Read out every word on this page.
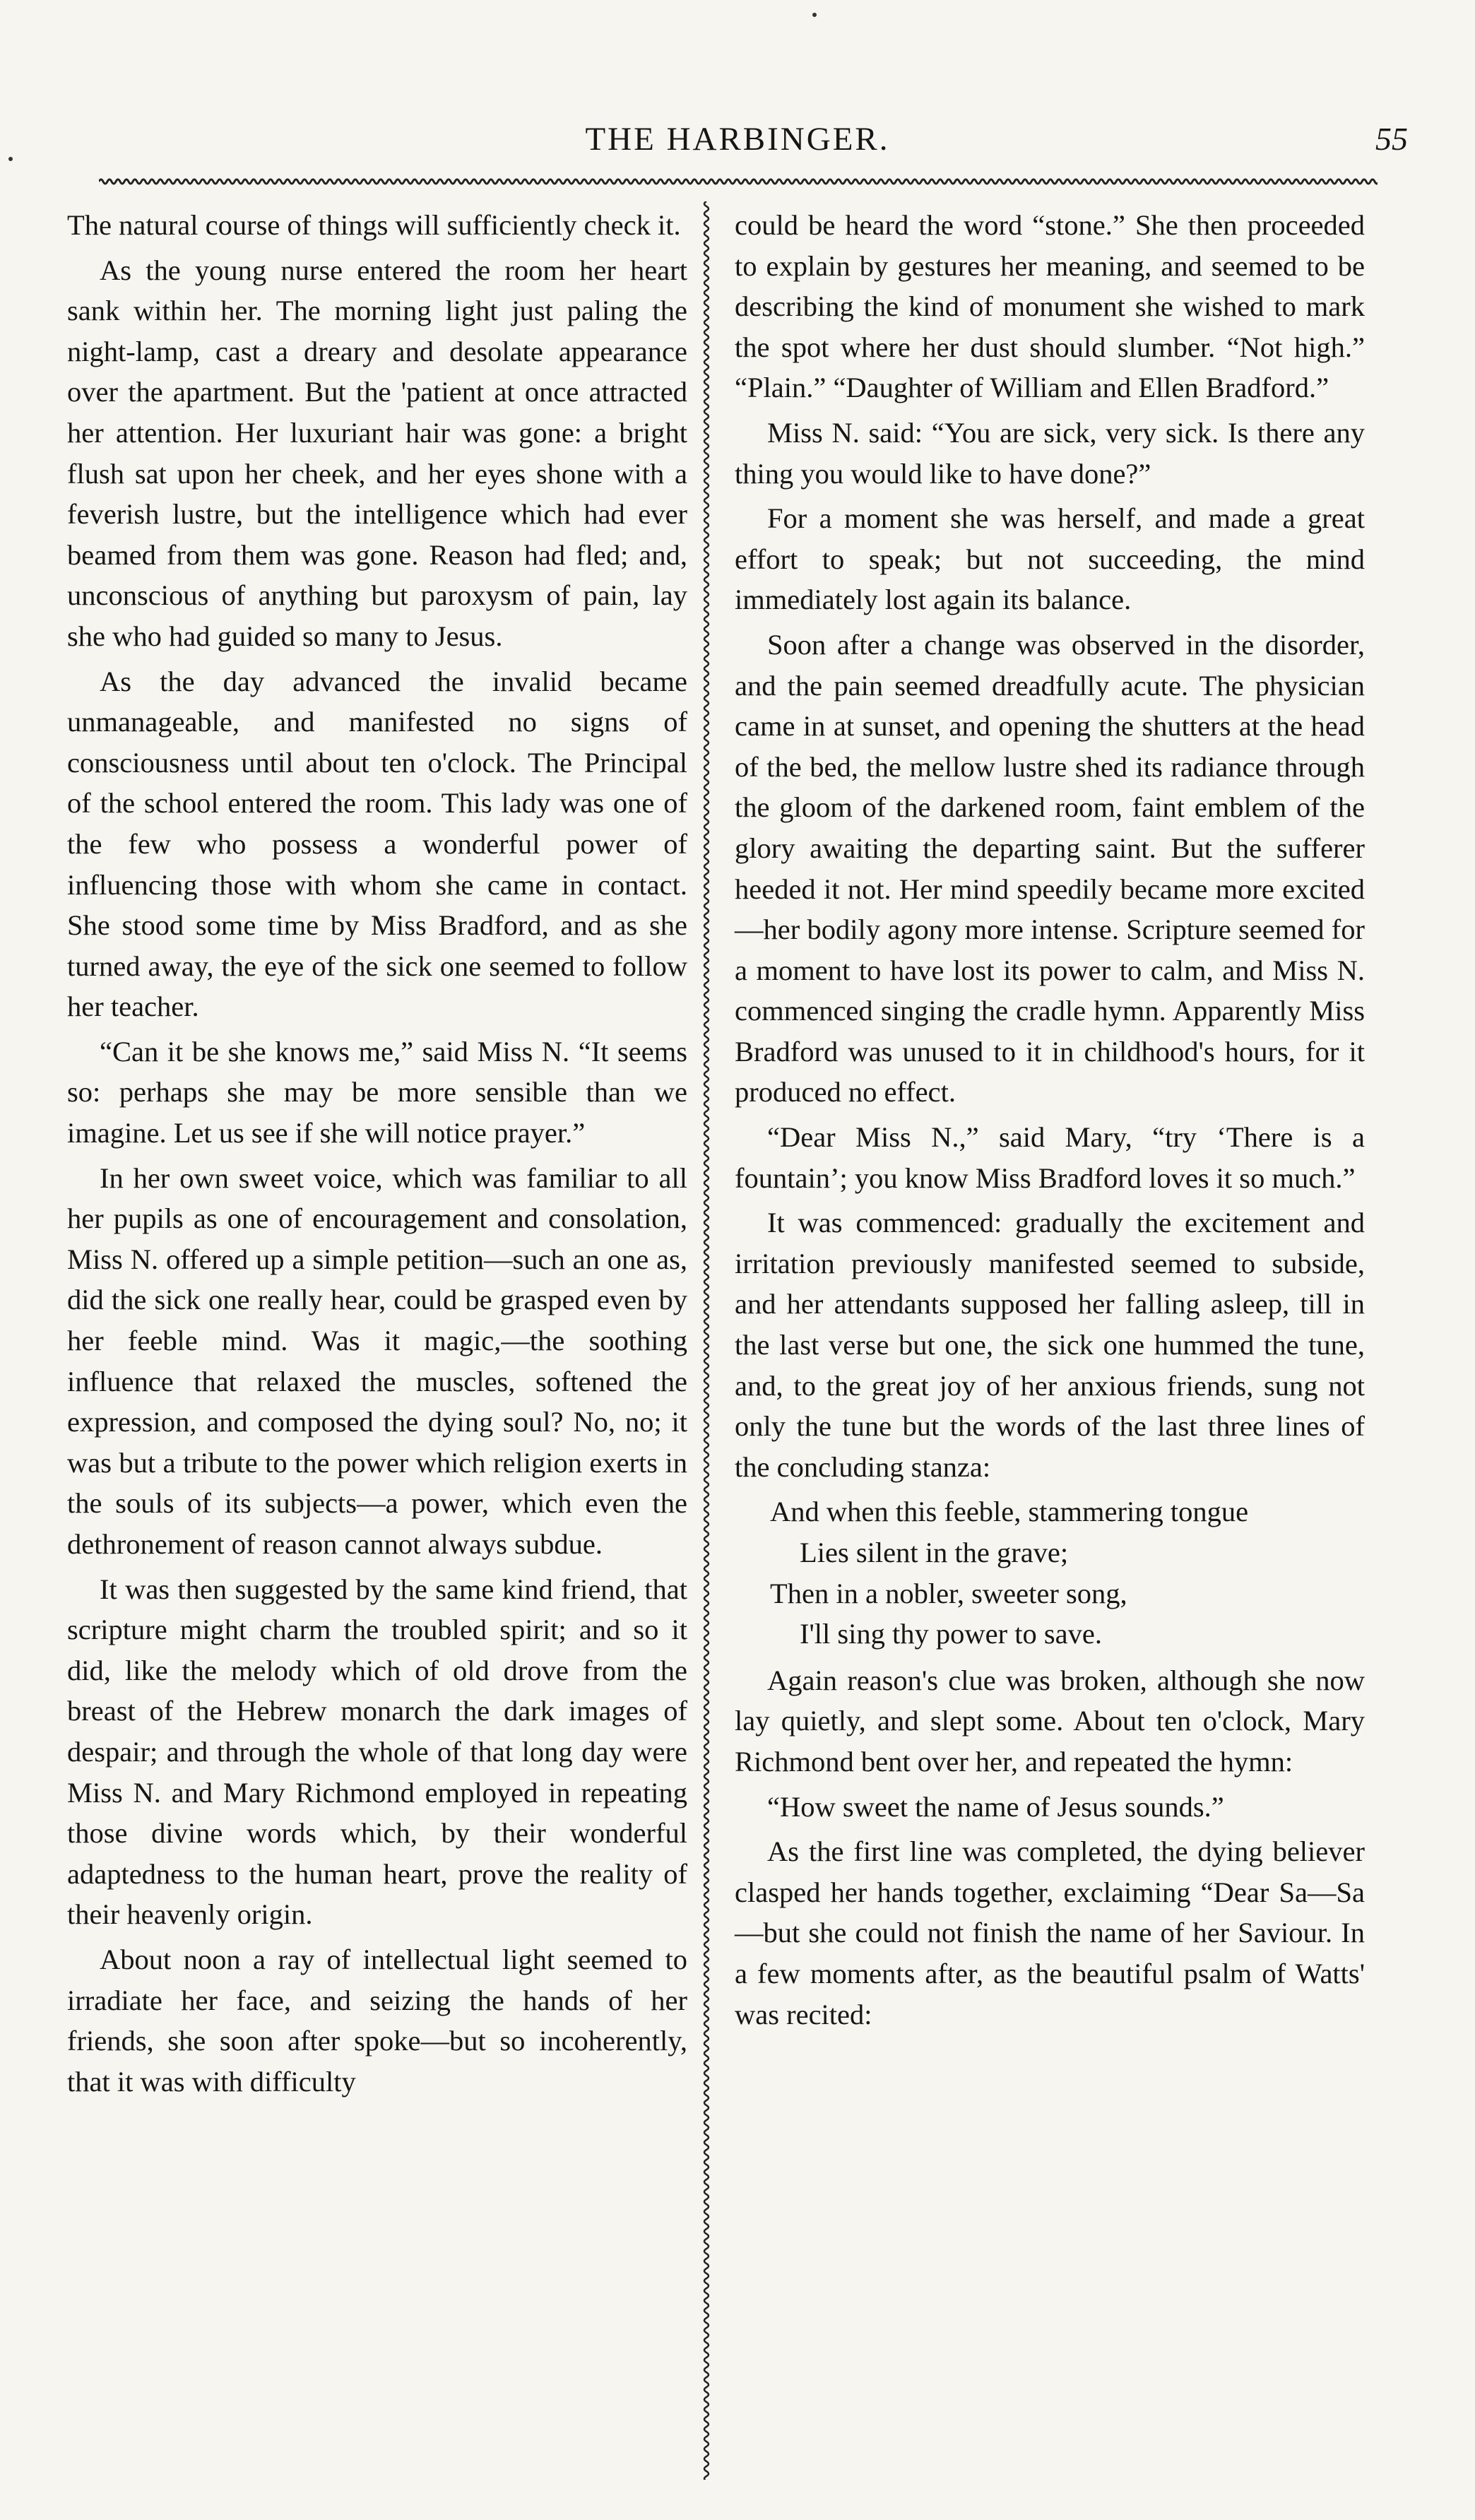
THE HARBINGER.	55

The natural course of things will sufficiently check it.

As the young nurse entered the room her heart sank within her. The morning light just paling the night-lamp, cast a dreary and desolate appearance over the apartment. But the 'patient at once attracted her attention. Her luxuriant hair was gone: a bright flush sat upon her cheek, and her eyes shone with a feverish lustre, but the intelligence which had ever beamed from them was gone. Reason had fled; and, unconscious of anything but paroxysm of pain, lay she who had guided so many to Jesus.

As the day advanced the invalid became unmanageable, and manifested no signs of consciousness until about ten o'clock. The Principal of the school entered the room. This lady was one of the few who possess a wonderful power of influencing those with whom she came in contact. She stood some time by Miss Bradford, and as she turned away, the eye of the sick one seemed to follow her teacher.

“Can it be she knows me,” said Miss N. “It seems so: perhaps she may be more sensible than we imagine. Let us see if she will notice prayer.”

In her own sweet voice, which was familiar to all her pupils as one of encouragement and consolation, Miss N. offered up a simple petition—such an one as, did the sick one really hear, could be grasped even by her feeble mind. Was it magic,—the soothing influence that relaxed the muscles, softened the expression, and composed the dying soul? No, no; it was but a tribute to the power which religion exerts in the souls of its subjects—a power, which even the dethronement of reason cannot always subdue.

It was then suggested by the same kind friend, that scripture might charm the troubled spirit; and so it did, like the melody which of old drove from the breast of the Hebrew monarch the dark images of despair; and through the whole of that long day were Miss N. and Mary Richmond employed in repeating those divine words which, by their wonderful adaptedness to the human heart, prove the reality of their heavenly origin.

About noon a ray of intellectual light seemed to irradiate her face, and seizing the hands of her friends, she soon after spoke—but so incoherently, that it was with difficulty

could be heard the word “stone.” She then proceeded to explain by gestures her meaning, and seemed to be describing the kind of monument she wished to mark the spot where her dust should slumber. “Not high.” “Plain.” “Daughter of William and Ellen Bradford.”

Miss N. said: “You are sick, very sick. Is there any thing you would like to have done?”

For a moment she was herself, and made a great effort to speak; but not succeeding, the mind immediately lost again its balance.

Soon after a change was observed in the disorder, and the pain seemed dreadfully acute. The physician came in at sunset, and opening the shutters at the head of the bed, the mellow lustre shed its radiance through the gloom of the darkened room, faint emblem of the glory awaiting the departing saint. But the sufferer heeded it not. Her mind speedily became more excited—her bodily agony more intense. Scripture seemed for a moment to have lost its power to calm, and Miss N. commenced singing the cradle hymn. Apparently Miss Bradford was unused to it in childhood's hours, for it produced no effect.

“Dear Miss N.,” said Mary, “try ‘There is a fountain’; you know Miss Bradford loves it so much.”

It was commenced: gradually the excitement and irritation previously manifested seemed to subside, and her attendants supposed her falling asleep, till in the last verse but one, the sick one hummed the tune, and, to the great joy of her anxious friends, sung not only the tune but the words of the last three lines of the concluding stanza:

And when this feeble, stammering tongue
Lies silent in the grave;
Then in a nobler, sweeter song,
I'll sing thy power to save.

Again reason's clue was broken, although she now lay quietly, and slept some. About ten o'clock, Mary Richmond bent over her, and repeated the hymn:

“How sweet the name of Jesus sounds.”

As the first line was completed, the dying believer clasped her hands together, exclaiming “Dear Sa—Sa—but she could not finish the name of her Saviour. In a few moments after, as the beautiful psalm of Watts' was recited:
